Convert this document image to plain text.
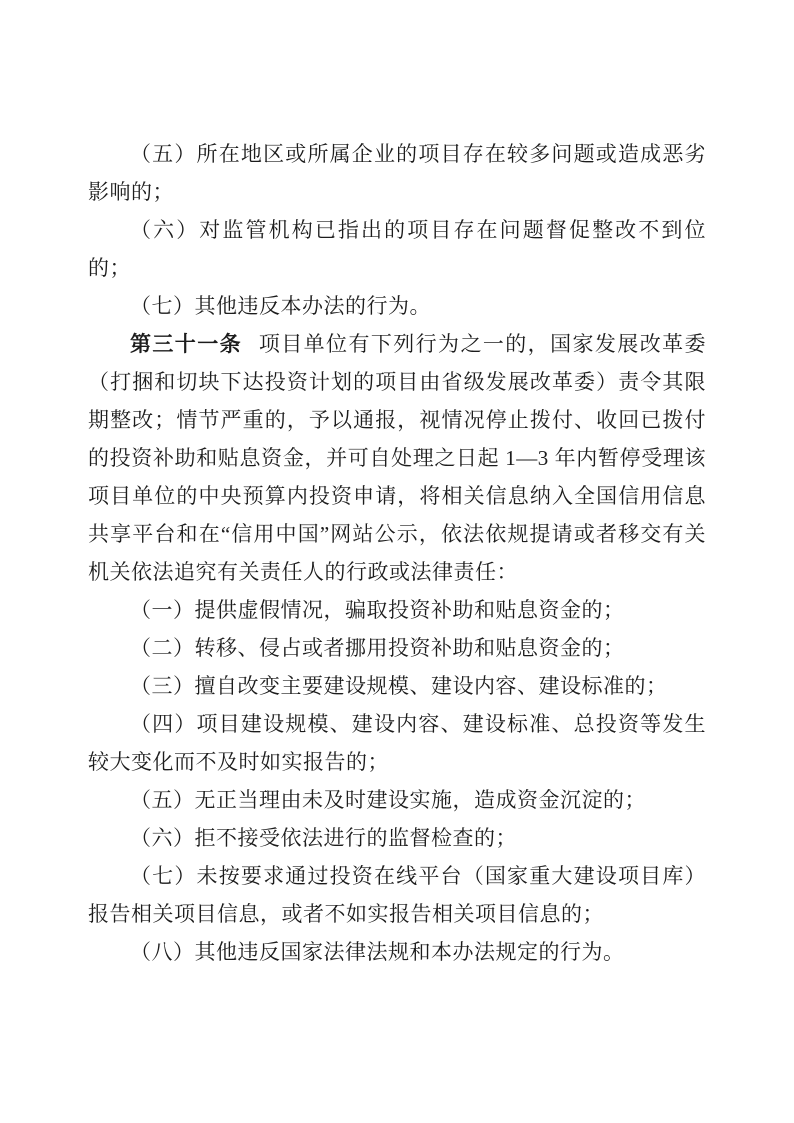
（五）所在地区或所属企业的项目存在较多问题或造成恶劣影响的；

（六）对监管机构已指出的项目存在问题督促整改不到位的；

（七）其他违反本办法的行为。

第三十一条 项目单位有下列行为之一的，国家发展改革委（打捆和切块下达投资计划的项目由省级发展改革委）责令其限期整改；情节严重的，予以通报，视情况停止拨付、收回已拨付的投资补助和贴息资金，并可自处理之日起 1—3 年内暂停受理该项目单位的中央预算内投资申请，将相关信息纳入全国信用信息共享平台和在“信用中国”网站公示，依法依规提请或者移交有关机关依法追究有关责任人的行政或法律责任：

（一）提供虚假情况，骗取投资补助和贴息资金的；

（二）转移、侵占或者挪用投资补助和贴息资金的；

（三）擅自改变主要建设规模、建设内容、建设标准的；

（四）项目建设规模、建设内容、建设标准、总投资等发生较大变化而不及时如实报告的；

（五）无正当理由未及时建设实施，造成资金沉淀的；

（六）拒不接受依法进行的监督检查的；

（七）未按要求通过投资在线平台（国家重大建设项目库）报告相关项目信息，或者不如实报告相关项目信息的；

（八）其他违反国家法律法规和本办法规定的行为。
